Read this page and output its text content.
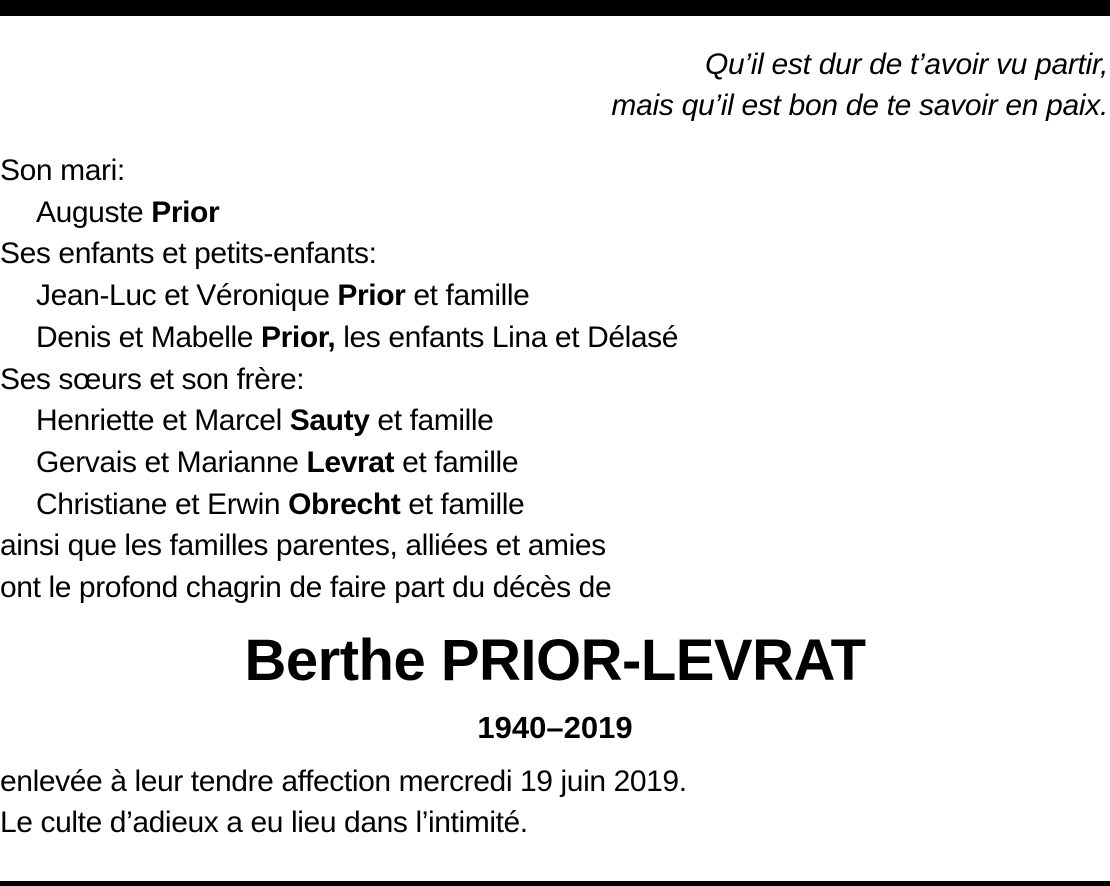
Qu’il est dur de t’avoir vu partir,
mais qu’il est bon de te savoir en paix.
Son mari:
Auguste Prior
Ses enfants et petits-enfants:
Jean-Luc et Véronique Prior et famille
Denis et Mabelle Prior, les enfants Lina et Délasé
Ses sœurs et son frère:
Henriette et Marcel Sauty et famille
Gervais et Marianne Levrat et famille
Christiane et Erwin Obrecht et famille
ainsi que les familles parentes, alliées et amies
ont le profond chagrin de faire part du décès de
Berthe PRIOR-LEVRAT
1940–2019
enlevée à leur tendre affection mercredi 19 juin 2019.
Le culte d’adieux a eu lieu dans l’intimité.
